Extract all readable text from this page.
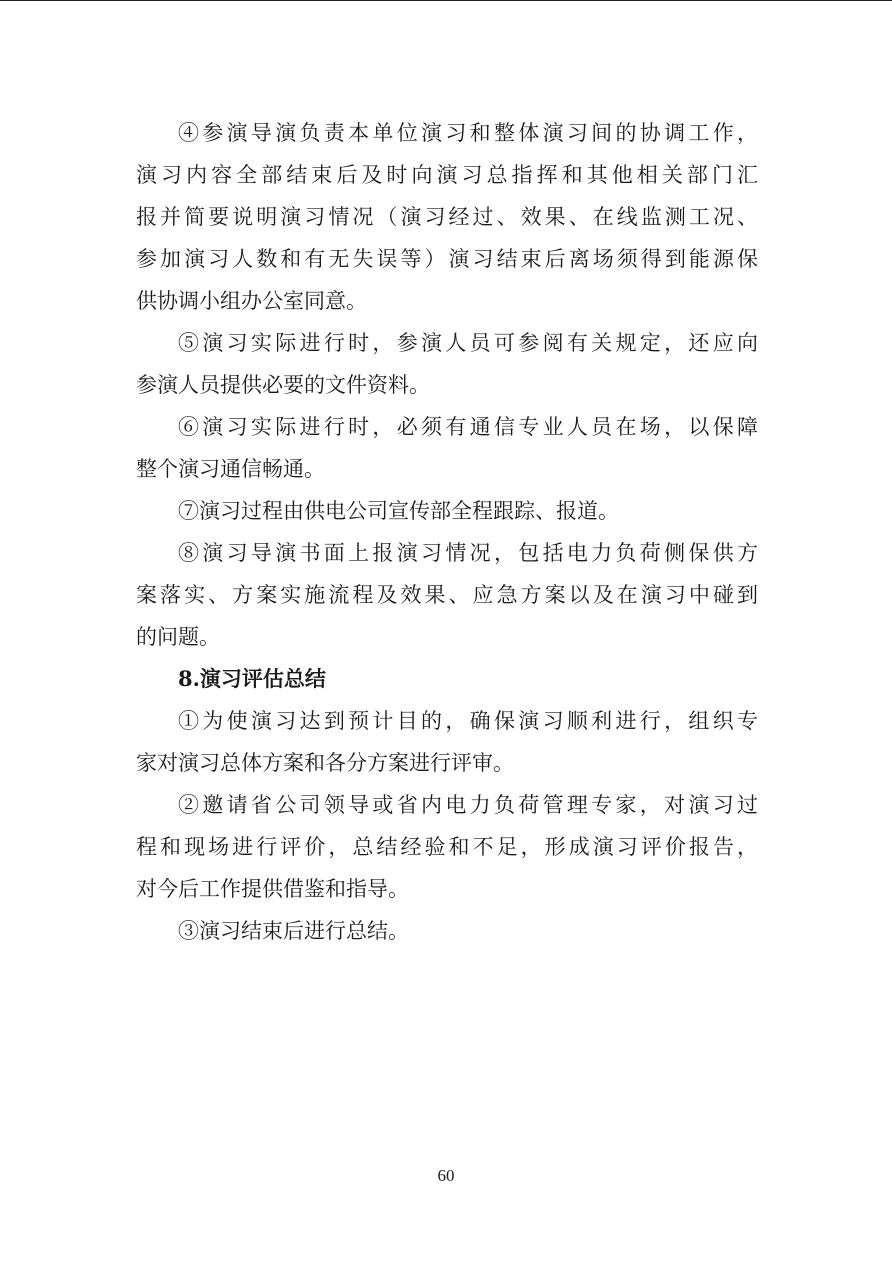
④参演导演负责本单位演习和整体演习间的协调工作，
演习内容全部结束后及时向演习总指挥和其他相关部门汇
报并简要说明演习情况（演习经过、效果、在线监测工况、
参加演习人数和有无失误等）演习结束后离场须得到能源保
供协调小组办公室同意。
⑤演习实际进行时，参演人员可参阅有关规定，还应向
参演人员提供必要的文件资料。
⑥演习实际进行时，必须有通信专业人员在场，以保障
整个演习通信畅通。
⑦演习过程由供电公司宣传部全程跟踪、报道。
⑧演习导演书面上报演习情况，包括电力负荷侧保供方
案落实、方案实施流程及效果、应急方案以及在演习中碰到
的问题。
8.演习评估总结
①为使演习达到预计目的，确保演习顺利进行，组织专
家对演习总体方案和各分方案进行评审。
②邀请省公司领导或省内电力负荷管理专家，对演习过
程和现场进行评价，总结经验和不足，形成演习评价报告，
对今后工作提供借鉴和指导。
③演习结束后进行总结。
60
